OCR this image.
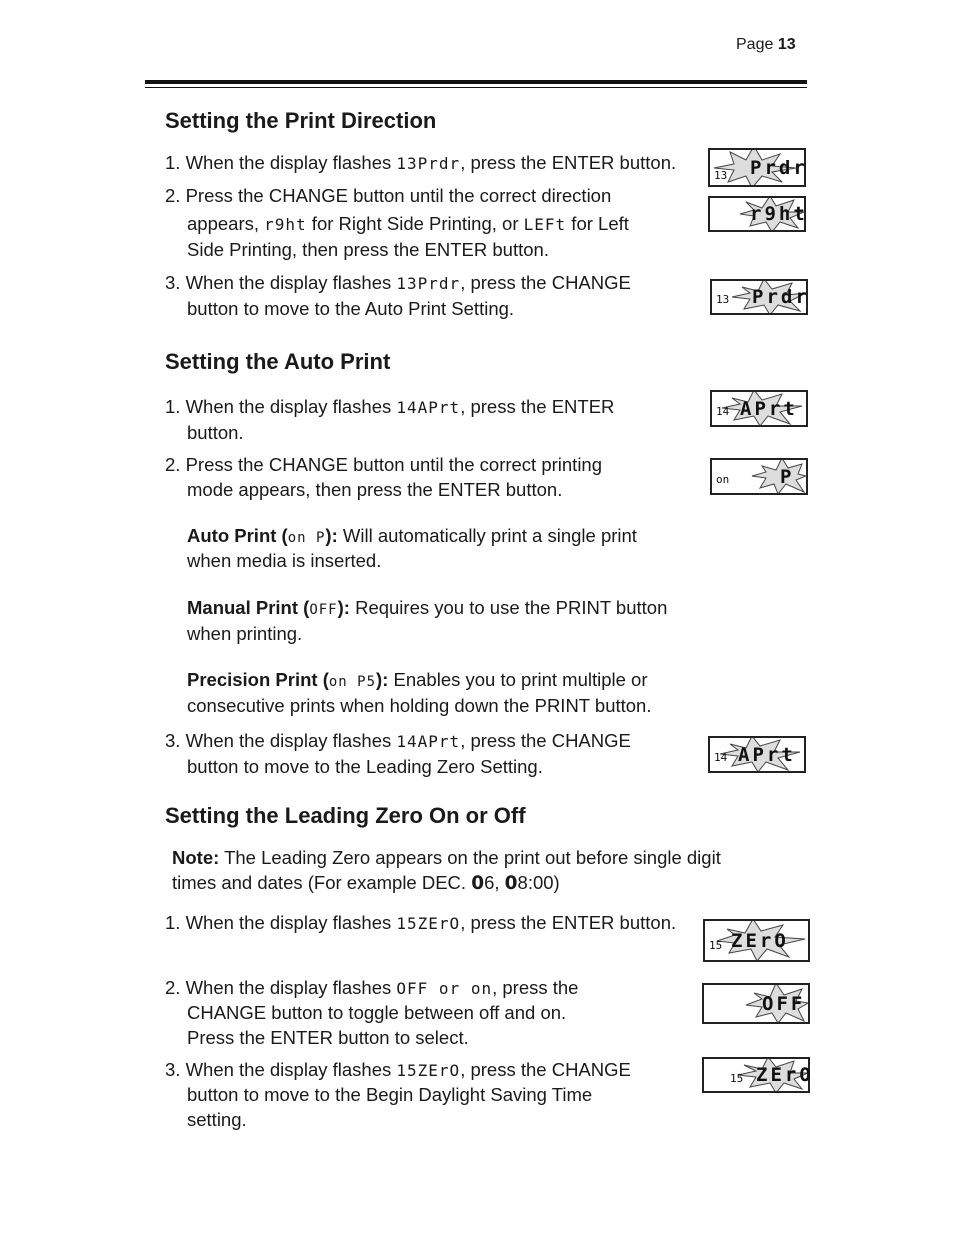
Page 13
Setting the Print Direction
1. When the display flashes 13Prdr, press the ENTER button.
2. Press the CHANGE button until the correct direction
appears, r9ht for Right Side Printing, or LEFt for Left
Side Printing, then press the ENTER button.
3. When the display flashes 13Prdr, press the CHANGE
button to move to the Auto Print Setting.
Setting the Auto Print
1. When the display flashes 14APrt, press the ENTER
button.
2. Press the CHANGE button until the correct printing
mode appears, then press the ENTER button.
Auto Print (on P): Will automatically print a single print
when media is inserted.
Manual Print (OFF): Requires you to use the PRINT button
when printing.
Precision Print (on P5): Enables you to print multiple or
consecutive prints when holding down the PRINT button.
3. When the display flashes 14APrt, press the CHANGE
button to move to the Leading Zero Setting.
Setting the Leading Zero On or Off
Note: The Leading Zero appears on the print out before single digit
times and dates (For example DEC. 06, 08:00)
1. When the display flashes 15ZErO, press the ENTER button.
2. When the display flashes OFF or on, press the
CHANGE button to toggle between off and on.
Press the ENTER button to select.
3. When the display flashes 15ZErO, press the CHANGE
button to move to the Begin Daylight Saving Time
setting.
13 Prdr
r9ht
13 Prdr
14 APrt
on	P
14 APrt
15 ZErO
OFF
15 ZErO
